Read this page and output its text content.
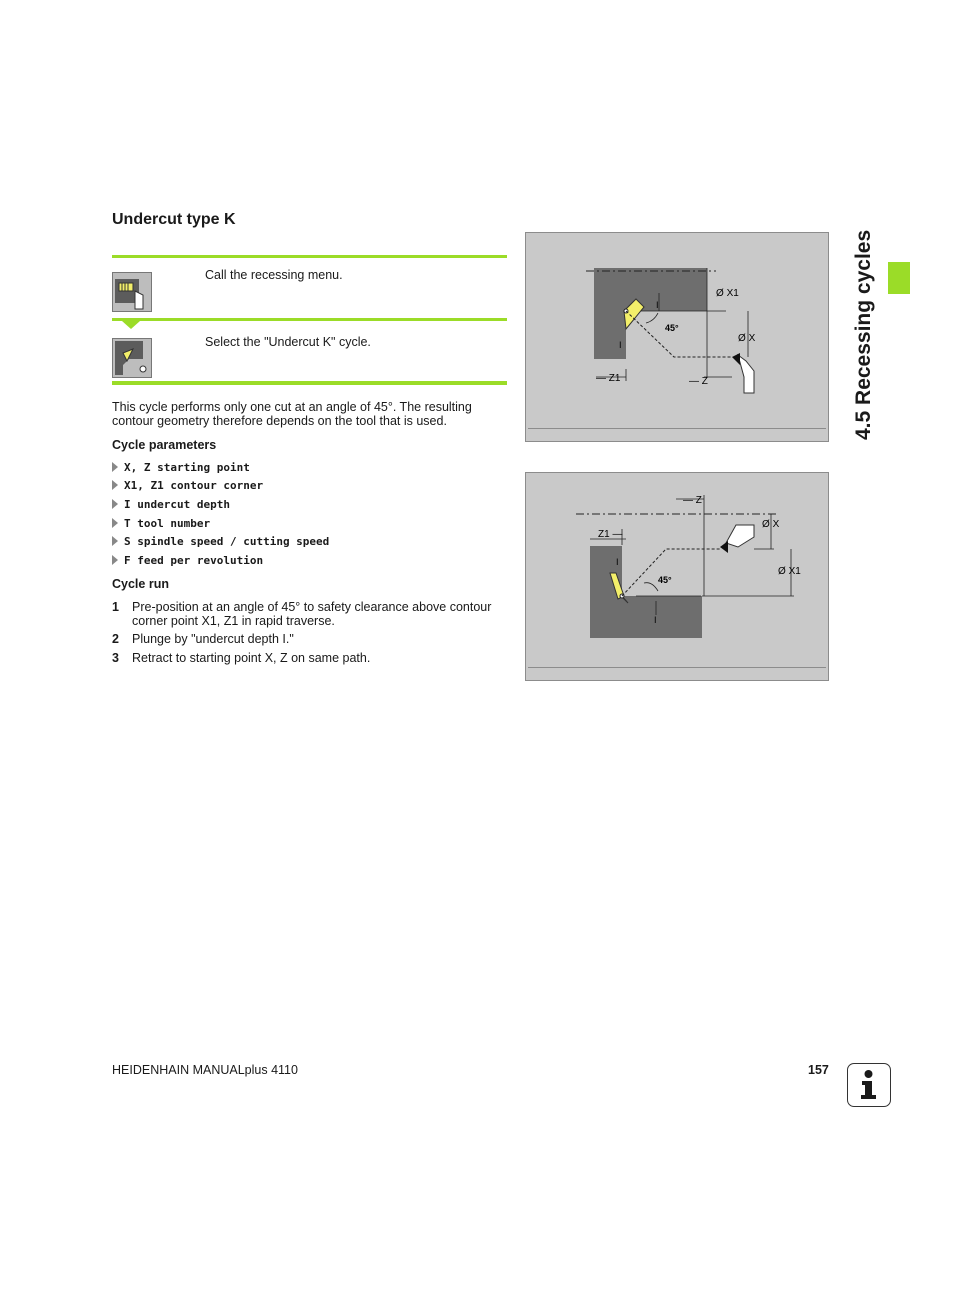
Undercut type K
Call the recessing menu.
Select the "Undercut K" cycle.
This cycle performs only one cut at an angle of 45°. The resulting contour geometry therefore depends on the tool that is used.
Cycle parameters
X, Z starting point
X1, Z1 contour corner
I undercut depth
T tool number
S spindle speed / cutting speed
F feed per revolution
Cycle run
1 Pre-position at an angle of 45° to safety clearance above contour corner point X1, Z1 in rapid traverse.
2 Plunge by "undercut depth I."
3 Retract to starting point X, Z on same path.
Ø X1
Ø X
— Z1	— Z
45°
I
I
— Z
Z1 —
Ø X
Ø X1
45°
I
I
4.5 Recessing cycles
HEIDENHAIN MANUALplus 4110	157
